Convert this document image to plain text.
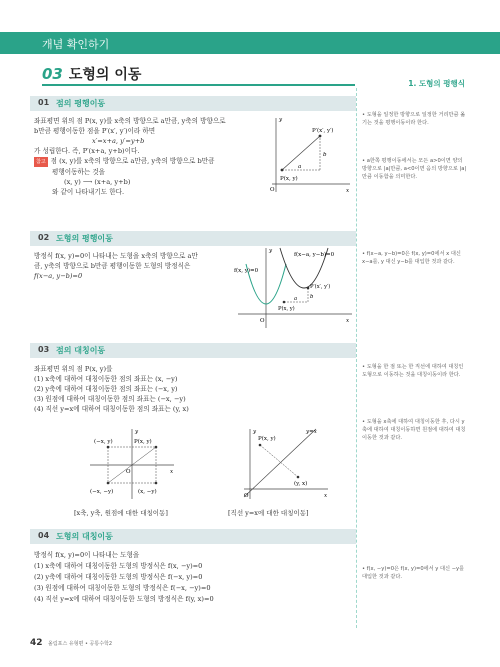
개념 확인하기
03 도형의 이동
1. 도형의 평행식
01 점의 평행이동
좌표평면 위의 점 P(x, y)를 x축의 방향으로 a만큼, y축의 방향으로
b만큼 평행이동한 점을 P′(x′, y′)이라 하면
x′=x+a, y′=y+b
가 성립한다. 즉, P′(x+a, y+b)이다.
참고 점 (x, y)를 x축의 방향으로 a만큼, y축의 방향으로 b만큼
평행이동하는 것을
(x, y) ⟶ (x+a, y+b)
와 같이 나타내기도 한다.
P(x, y)
P′(x′, y′)
a
b
O	x
y
02 도형의 평행이동
방정식 f(x, y)=0이 나타내는 도형을 x축의 방향으로 a만
큼, y축의 방향으로 b만큼 평행이동한 도형의 방정식은
f(x−a, y−b)=0
f(x, y)=0
f(x−a, y−b)=0
P(x, y)
P′(x′, y′)
a b
O	x
y
03 점의 대칭이동
좌표평면 위의 점 P(x, y)를
(1) x축에 대하여 대칭이동한 점의 좌표는 (x, −y)
(2) y축에 대하여 대칭이동한 점의 좌표는 (−x, y)
(3) 원점에 대하여 대칭이동한 점의 좌표는 (−x, −y)
(4) 직선 y=x에 대하여 대칭이동한 점의 좌표는 (y, x)
P(x, y)
(−x, y)
(−x, −y)	(x, −y)
O	x
y
P(x, y)
(y, x)
y=x
O	x
y
[x축, y축, 원점에 대한 대칭이동]	[직선 y=x에 대한 대칭이동]
04 도형의 대칭이동
방정식 f(x, y)=0이 나타내는 도형을
(1) x축에 대하여 대칭이동한 도형의 방정식은 f(x, −y)=0
(2) y축에 대하여 대칭이동한 도형의 방정식은 f(−x, y)=0
(3) 원점에 대하여 대칭이동한 도형의 방정식은 f(−x, −y)=0
(4) 직선 y=x에 대하여 대칭이동한 도형의 방정식은 f(y, x)=0
• 도형을 일정한 방향으로 일정한 거리만큼 옮기는 것을 평행이동이라 한다.
• a한쪽 평행이동에서는 모든 a>0이면 양의 방향으로 |a|만큼, a<0이면 음의 방향으로 |a|만큼 이동함을 의미한다.
• f(x−a, y−b)=0은 f(x, y)=0에서 x 대신 x−a를, y 대신 y−b를 대입한 것과 같다.
• 도형을 한 점 또는 한 직선에 대하여 대칭인 도형으로 이동하는 것을 대칭이동이라 한다.
• 도형을 x축에 대하여 대칭이동한 후, 다시 y축에 대하여 대칭이동하면 원점에 대하여 대칭이동한 것과 같다.
• f(x, −y)=0은 f(x, y)=0에서 y 대신 −y를 대입한 것과 같다.
42 올림포스 유형편 • 공통수학2
